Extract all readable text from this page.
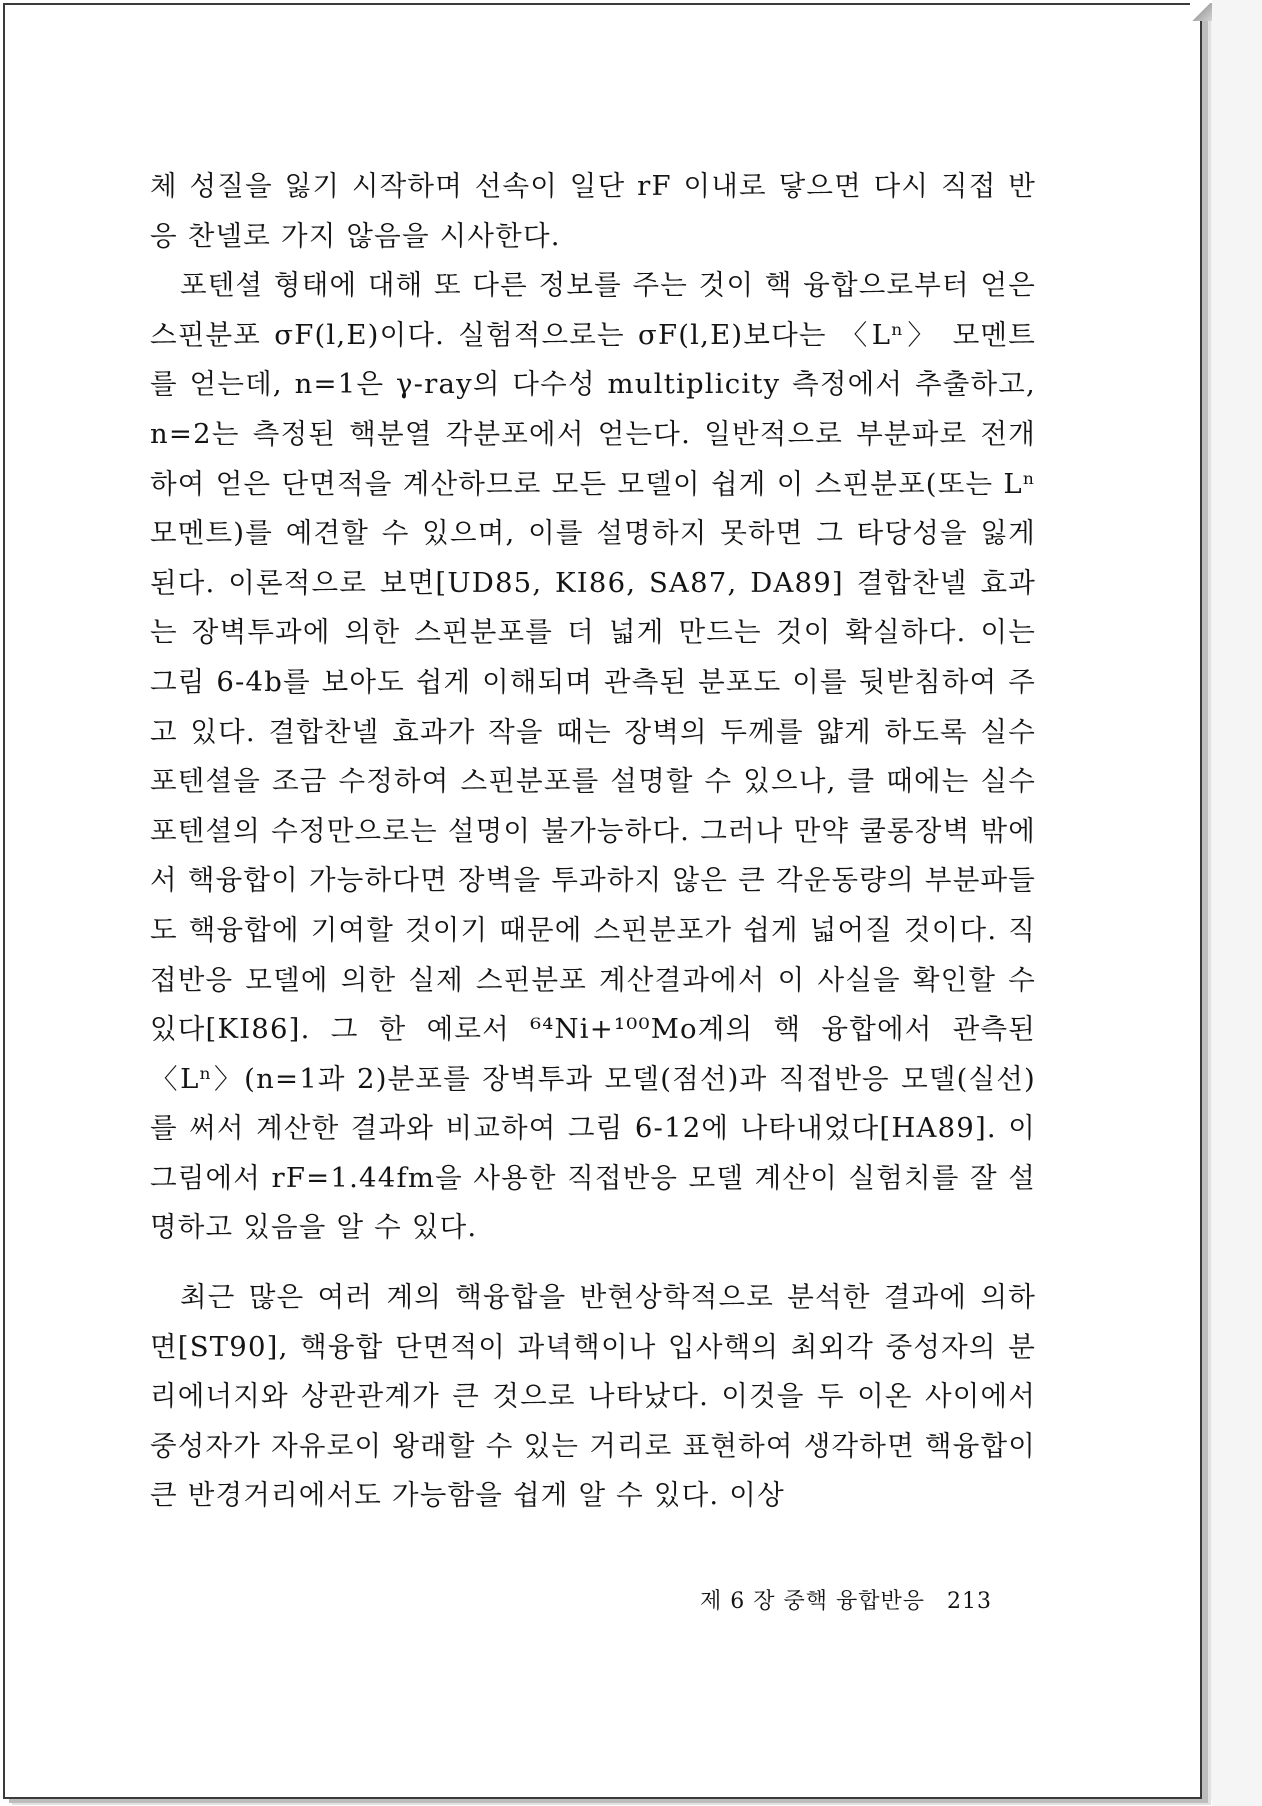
체 성질을 잃기 시작하며 선속이 일단 rF 이내로 닿으면 다시 직접 반응 찬넬로 가지 않음을 시사한다.

포텐셜 형태에 대해 또 다른 정보를 주는 것이 핵 융합으로부터 얻은 스핀분포 σF(l,E)이다. 실험적으로는 σF(l,E)보다는 〈Lⁿ〉 모멘트를 얻는데, n=1은 γ-ray의 다수성 multiplicity 측정에서 추출하고, n=2는 측정된 핵분열 각분포에서 얻는다. 일반적으로 부분파로 전개하여 얻은 단면적을 계산하므로 모든 모델이 쉽게 이 스핀분포(또는 Lⁿ 모멘트)를 예견할 수 있으며, 이를 설명하지 못하면 그 타당성을 잃게 된다. 이론적으로 보면[UD85, KI86, SA87, DA89] 결합찬넬 효과는 장벽투과에 의한 스핀분포를 더 넓게 만드는 것이 확실하다. 이는 그림 6-4b를 보아도 쉽게 이해되며 관측된 분포도 이를 뒷받침하여 주고 있다. 결합찬넬 효과가 작을 때는 장벽의 두께를 얇게 하도록 실수포텐셜을 조금 수정하여 스핀분포를 설명할 수 있으나, 클 때에는 실수포텐셜의 수정만으로는 설명이 불가능하다. 그러나 만약 쿨롱장벽 밖에서 핵융합이 가능하다면 장벽을 투과하지 않은 큰 각운동량의 부분파들도 핵융합에 기여할 것이기 때문에 스핀분포가 쉽게 넓어질 것이다. 직접반응 모델에 의한 실제 스핀분포 계산결과에서 이 사실을 확인할 수 있다[KI86]. 그 한 예로서 ⁶⁴Ni+¹⁰⁰Mo계의 핵 융합에서 관측된 〈Lⁿ〉(n=1과 2)분포를 장벽투과 모델(점선)과 직접반응 모델(실선)를 써서 계산한 결과와 비교하여 그림 6-12에 나타내었다[HA89]. 이 그림에서 rF=1.44fm을 사용한 직접반응 모델 계산이 실험치를 잘 설명하고 있음을 알 수 있다.

최근 많은 여러 계의 핵융합을 반현상학적으로 분석한 결과에 의하면[ST90], 핵융합 단면적이 과녁핵이나 입사핵의 최외각 중성자의 분리에너지와 상관관계가 큰 것으로 나타났다. 이것을 두 이온 사이에서 중성자가 자유로이 왕래할 수 있는 거리로 표현하여 생각하면 핵융합이 큰 반경거리에서도 가능함을 쉽게 알 수 있다. 이상

제 6 장 중핵 융합반응 213
